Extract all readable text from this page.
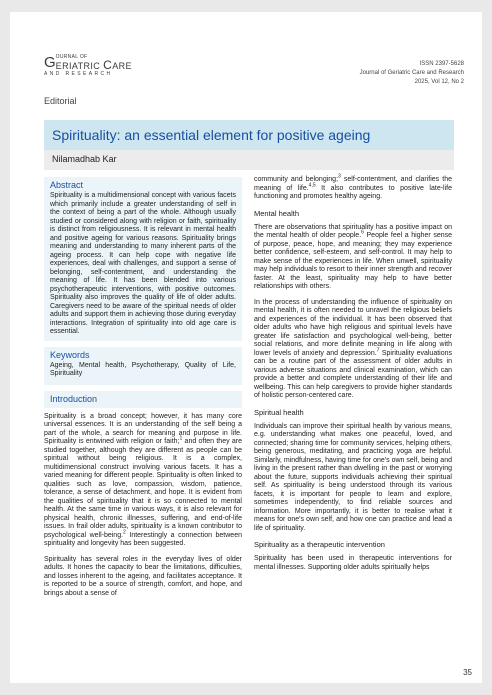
G OURNAL OF
ERIATRIC CARE
AND RESEARCH
ISSN 2397-5628
Journal of Geriatric Care and Research
2025, Vol 12, No 2
Editorial
Spirituality: an essential element for positive ageing
Nilamadhab Kar
Abstract

Spirituality is a multidimensional concept with various facets which primarily include a greater understanding of self in the context of being a part of the whole. Although usually studied or considered along with religion or faith, spirituality is distinct from religiousness. It is relevant in mental health and positive ageing for various reasons. Spirituality brings meaning and understanding to many inherent parts of the ageing process. It can help cope with negative life experiences, deal with challenges, and support a sense of belonging, self-contentment, and understanding the meaning of life. It has been blended into various psychotherapeutic interventions, with positive outcomes. Spirituality also improves the quality of life of older adults. Caregivers need to be aware of the spiritual needs of older adults and support them in achieving those during everyday interactions. Integration of spirituality into old age care is essential.

Keywords

Ageing, Mental health, Psychotherapy, Quality of Life, Spirituality

Introduction

Spirituality is a broad concept; however, it has many core universal essences. It is an understanding of the self being a part of the whole, a search for meaning and purpose in life. Spirituality is entwined with religion or faith;$^1$ and often they are studied together, although they are different as people can be spiritual without being religious. It is a complex, multidimensional construct involving various facets. It has a varied meaning for different people. Spirituality is often linked to qualities such as love, compassion, wisdom, patience, tolerance, a sense of detachment, and hope. It is evident from the qualities of spirituality that it is so connected to mental health. At the same time in various ways, it is also relevant for physical health, chronic illnesses, suffering, and end-of-life issues. In frail older adults, spirituality is a known contributor to psychological well-being.$^2$ Interestingly a connection between spirituality and longevity has been suggested.

Spirituality has several roles in the everyday lives of older adults. It hones the capacity to bear the limitations, difficulties, and losses inherent to the ageing, and facilitates acceptance. It is reported to be a source of strength, comfort, and hope, and brings about a sense of

community and belonging;$^3$ self-contentment, and clarifies the meaning of life.$^{4,5}$ It also contributes to positive late-life functioning and promotes healthy ageing.

Mental health

There are observations that spirituality has a positive impact on the mental health of older people.$^6$ People feel a higher sense of purpose, peace, hope, and meaning; they may experience better confidence, self-esteem, and self-control. It may help to make sense of the experiences in life. When unwell, spirituality may help individuals to resort to their inner strength and recover faster. At the least, spirituality may help to have better relationships with others.

In the process of understanding the influence of spirituality on mental health, it is often needed to unravel the religious beliefs and experiences of the individual. It has been observed that older adults who have high religious and spiritual levels have greater life satisfaction and psychological well-being, better social relations, and more definite meaning in life along with lower levels of anxiety and depression.$^7$ Spirituality evaluations can be a routine part of the assessment of older adults in various adverse situations and clinical examination, which can provide a better and complete understanding of their life and wellbeing. This can help caregivers to provide higher standards of holistic person-centered care.

Spiritual health

Individuals can improve their spiritual health by various means, e.g. understanding what makes one peaceful, loved, and connected; sharing time for community services, helping others, being generous, meditating, and practicing yoga are helpful. Similarly, mindfulness, having time for one's own self, being and living in the present rather than dwelling in the past or worrying about the future, supports individuals achieving their spiritual self. As spirituality is being understood through its various facets, it is important for people to learn and explore, sometimes independently, to find reliable sources and information. More importantly, it is better to realise what it means for one's own self, and how one can practice and lead a life of spirituality.

Spirituality as a therapeutic intervention

Spirituality has been used in therapeutic interventions for mental illnesses. Supporting older adults spiritually helps

35
